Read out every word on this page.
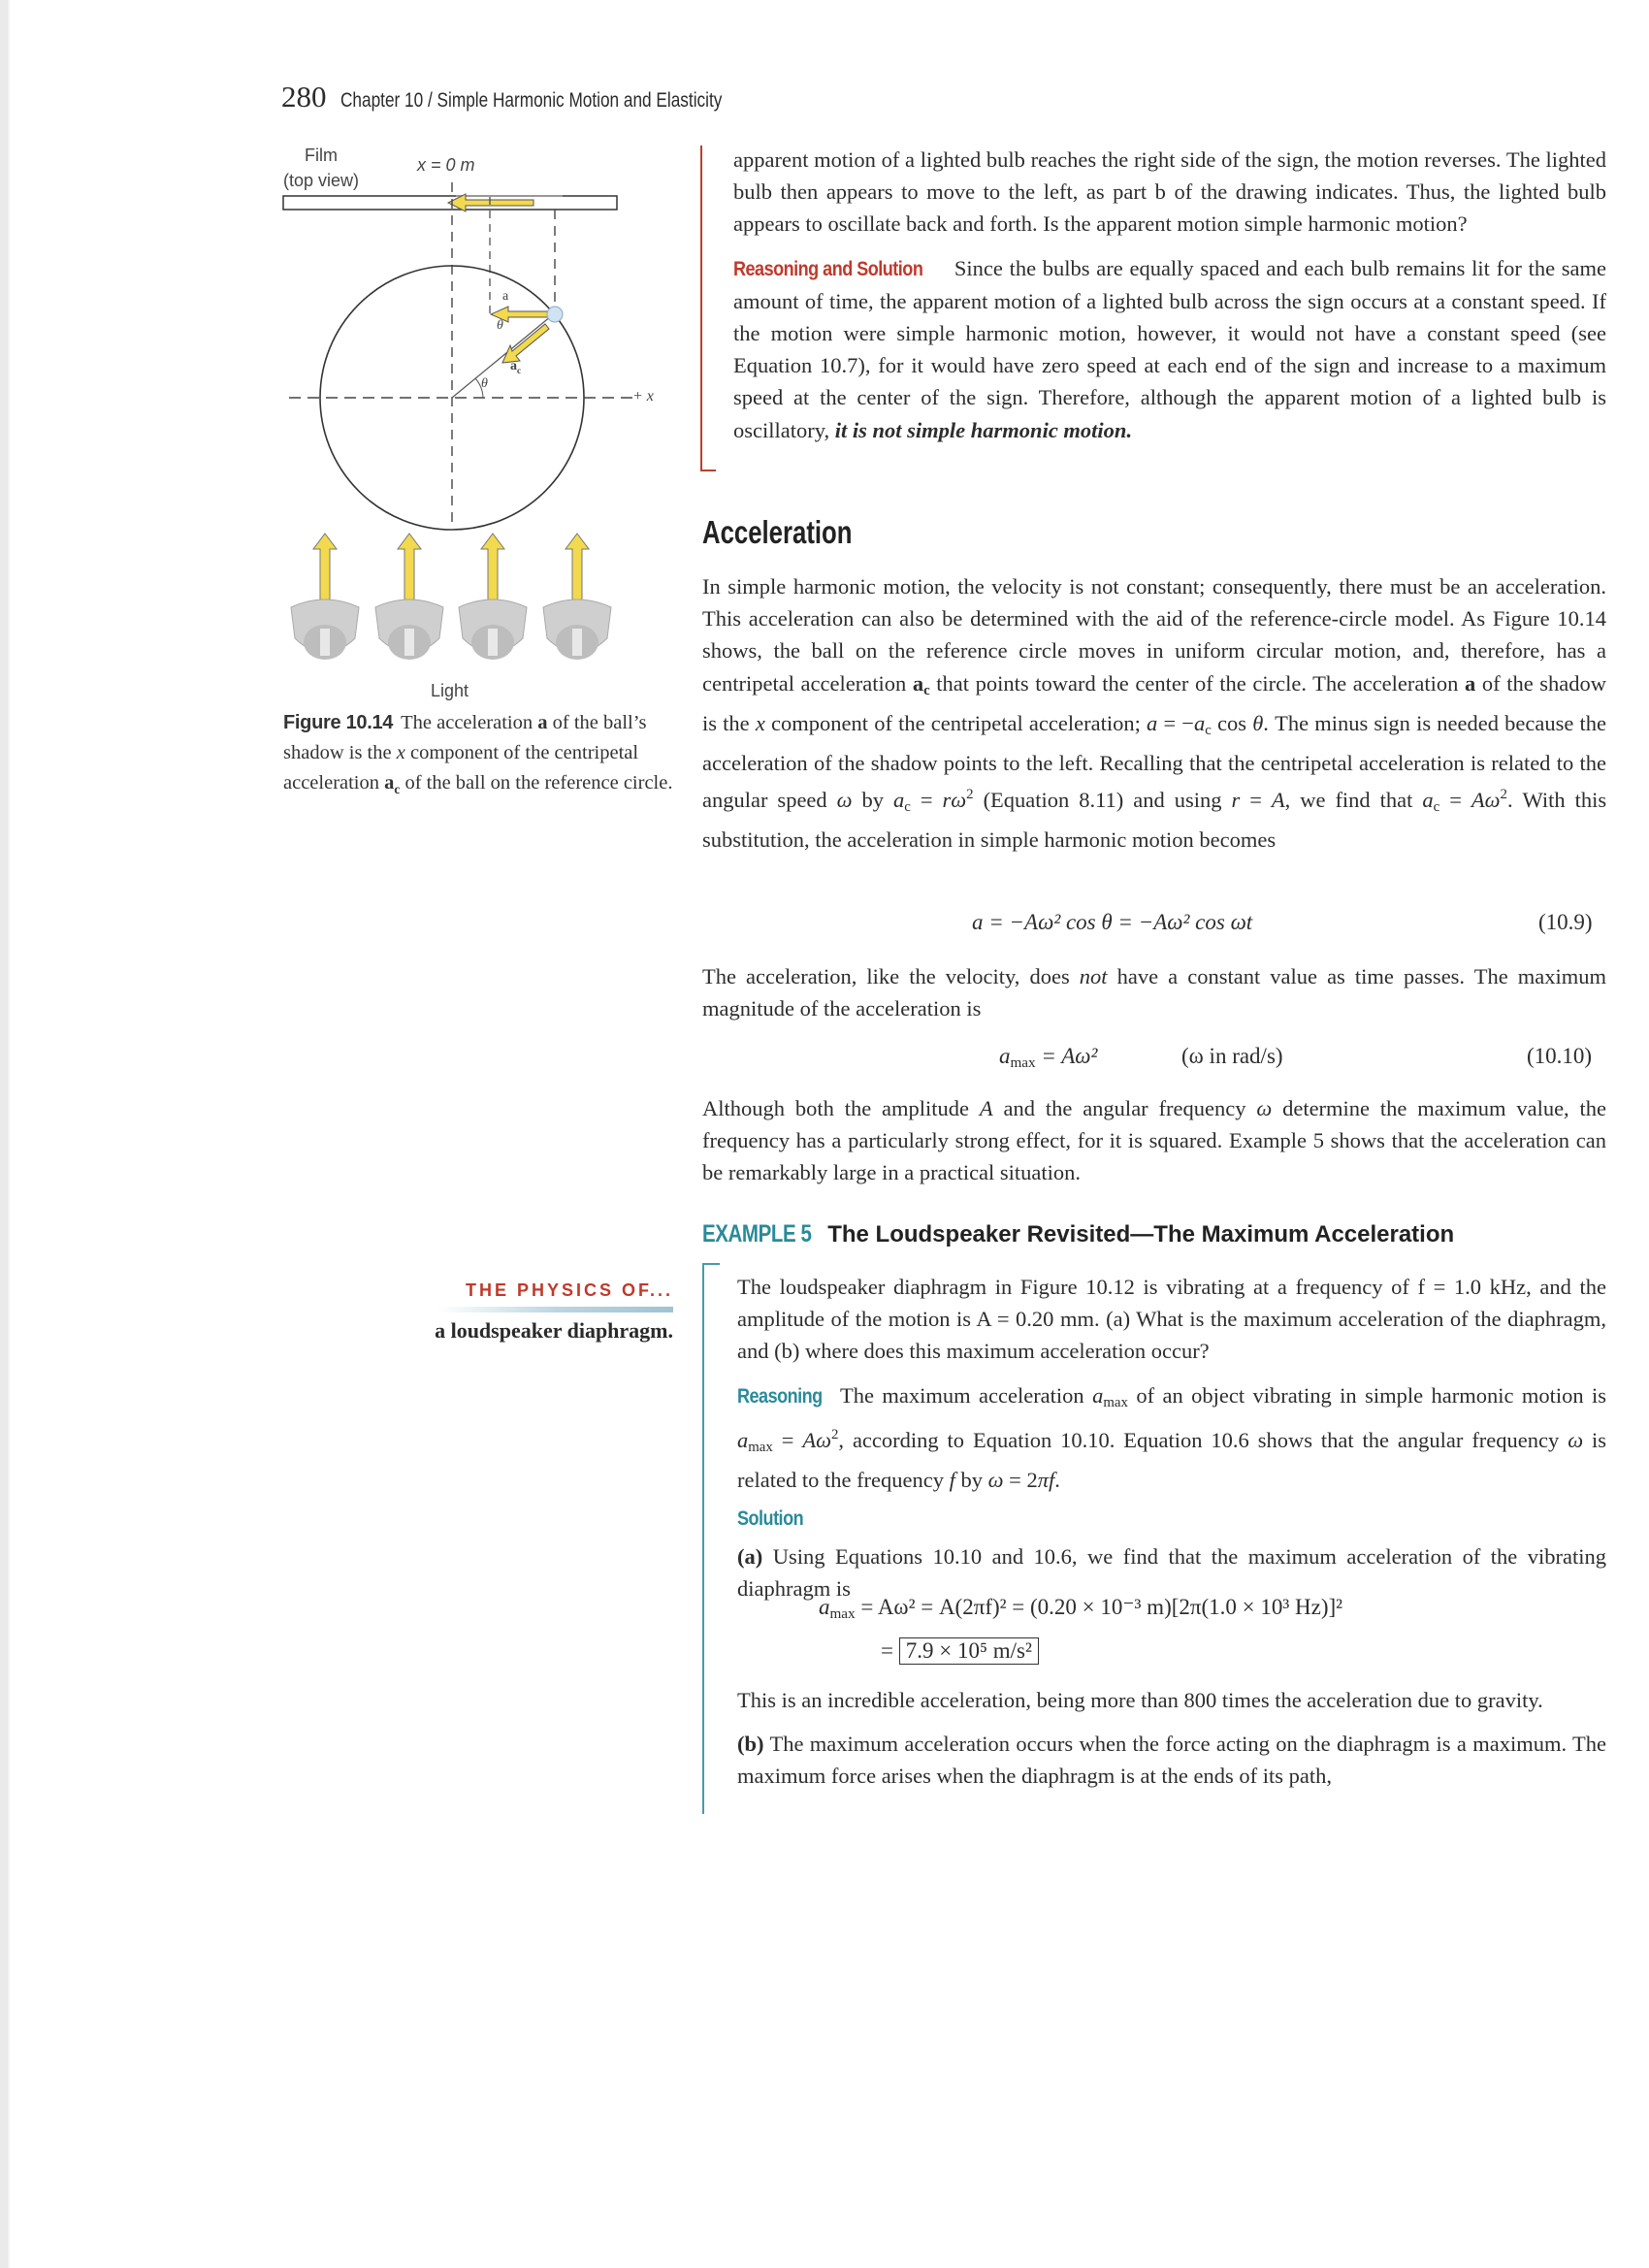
280 Chapter 10 / Simple Harmonic Motion and Elasticity
Film
(top view)
x = 0 m
a
θ
$a_c$
θ
+ x
Light
Figure 10.14 The acceleration a of the ball’s shadow is the x component of the centripetal acceleration $a_c$ of the ball on the reference circle.

apparent motion of a lighted bulb reaches the right side of the sign, the motion reverses. The lighted bulb then appears to move to the left, as part b of the drawing indicates. Thus, the lighted bulb appears to oscillate back and forth. Is the apparent motion simple harmonic motion?

Reasoning and Solution Since the bulbs are equally spaced and each bulb remains lit for the same amount of time, the apparent motion of a lighted bulb across the sign occurs at a constant speed. If the motion were simple harmonic motion, however, it would not have a constant speed (see Equation 10.7), for it would have zero speed at each end of the sign and increase to a maximum speed at the center of the sign. Therefore, although the apparent motion of a lighted bulb is oscillatory, it is not simple harmonic motion.

Acceleration

In simple harmonic motion, the velocity is not constant; consequently, there must be an acceleration. This acceleration can also be determined with the aid of the reference-circle model. As Figure 10.14 shows, the ball on the reference circle moves in uniform circular motion, and, therefore, has a centripetal acceleration $a_c$ that points toward the center of the circle. The acceleration a of the shadow is the x component of the centripetal acceleration; $a = -a_c$ cos θ. The minus sign is needed because the acceleration of the shadow points to the left. Recalling that the centripetal acceleration is related to the angular speed ω by $a_c = r\omega^2$ (Equation 8.11) and using r = A, we find that $a_c = A\omega^2$. With this substitution, the acceleration in simple harmonic motion becomes

a = −Aω² cos θ = −Aω² cos ωt	(10.9)

The acceleration, like the velocity, does not have a constant value as time passes. The maximum magnitude of the acceleration is

$a_{max} = A\omega^2$	(ω in rad/s)	(10.10)

Although both the amplitude A and the angular frequency ω determine the maximum value, the frequency has a particularly strong effect, for it is squared. Example 5 shows that the acceleration can be remarkably large in a practical situation.

EXAMPLE 5 The Loudspeaker Revisited—The Maximum Acceleration
THE PHYSICS OF...
a loudspeaker diaphragm.

The loudspeaker diaphragm in Figure 10.12 is vibrating at a frequency of f = 1.0 kHz, and the amplitude of the motion is A = 0.20 mm. (a) What is the maximum acceleration of the diaphragm, and (b) where does this maximum acceleration occur?

Reasoning The maximum acceleration $a_{max}$ of an object vibrating in simple harmonic motion is $a_{max} = A\omega^2$, according to Equation 10.10. Equation 10.6 shows that the angular frequency ω is related to the frequency f by ω = 2πf.

Solution

(a) Using Equations 10.10 and 10.6, we find that the maximum acceleration of the vibrating diaphragm is

$a_{max} = A\omega^2 = A(2\pi f)^2 = (0.20 \times 10^{-3}$ m)[2π(1.0 × 10³ Hz)]²
= 7.9 × 10⁵ m/s²

This is an incredible acceleration, being more than 800 times the acceleration due to gravity.

(b) The maximum acceleration occurs when the force acting on the diaphragm is a maximum. The maximum force arises when the diaphragm is at the ends of its path,
